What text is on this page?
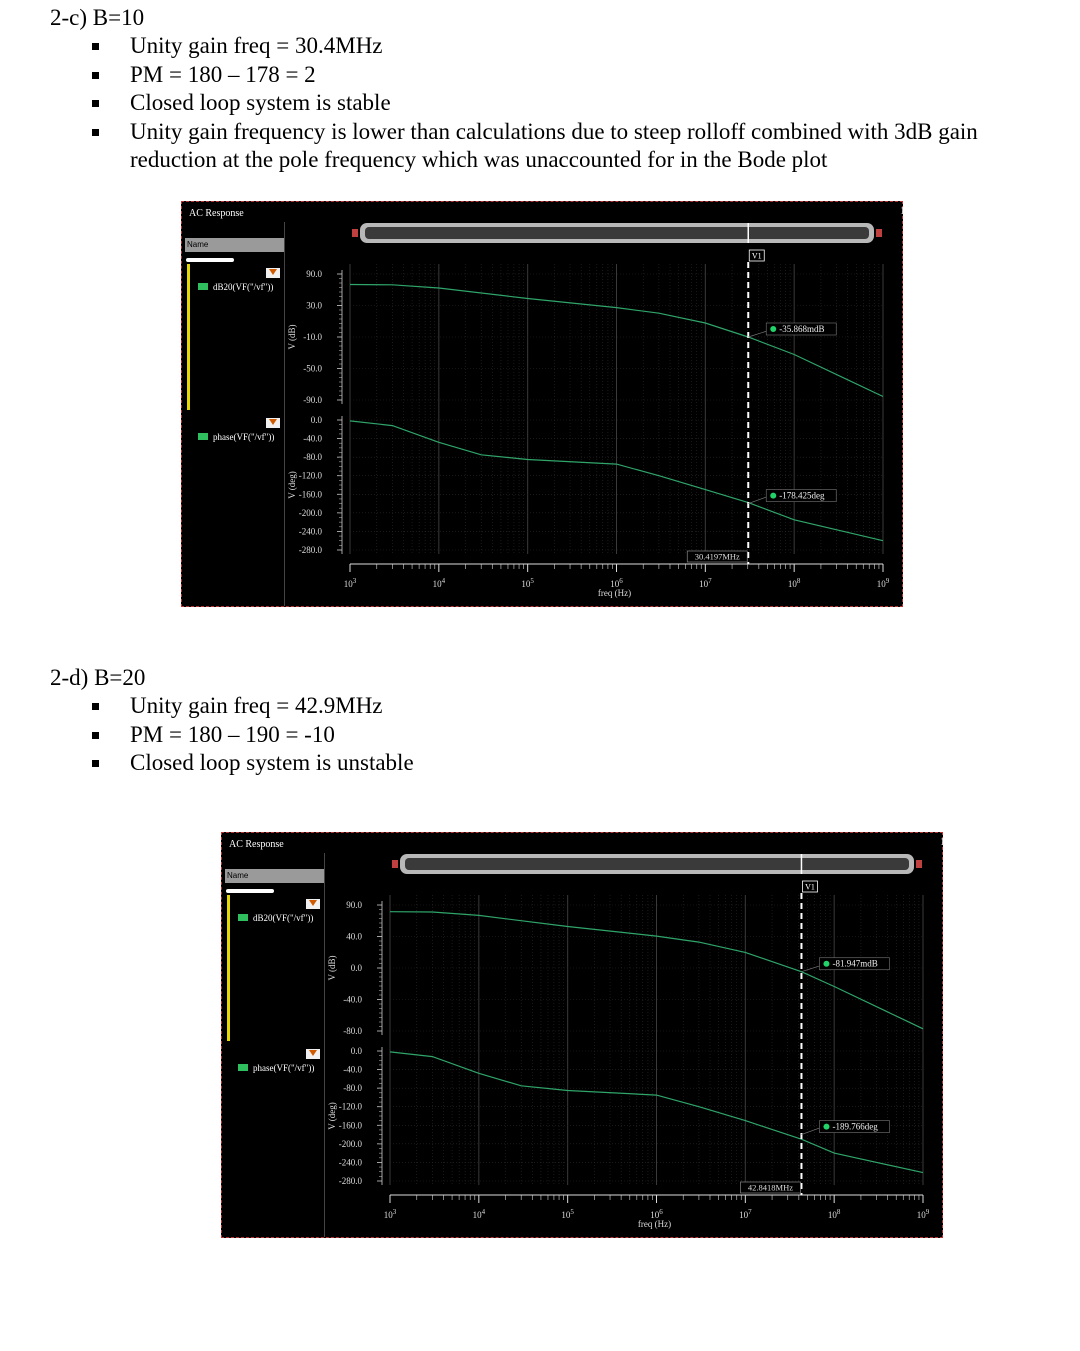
2-c) B=10

Unity gain freq = 30.4MHz
PM = 180 – 178 = 2
Closed loop system is stable
Unity gain frequency is lower than calculations due to steep rolloff combined with 3dB gain reduction at the pole frequency which was unaccounted for in the Bode plot
AC Response	1
Name
dB20(VF("/vf"))
phase(VF("/vf"))
90.0
30.0
-10.0
-50.0
-90.0
0.0
-40.0
-80.0
-120.0
-160.0
-200.0
-240.0
-280.0
V (dB)
V (deg)
$10^3$	$10^4$	$10^5$	$10^6$	$10^7$	$10^8$	$10^9$
freq (Hz)
V1
-35.868mdB
-178.425deg
30.4197MHz

2-d) B=20

Unity gain freq = 42.9MHz
PM = 180 – 190 = -10
Closed loop system is unstable
AC Response	1
Name
dB20(VF("/vf"))
phase(VF("/vf"))
90.0
40.0
0.0
-40.0
-80.0
0.0
-40.0
-80.0
-120.0
-160.0
-200.0
-240.0
-280.0
V (dB)
V (deg)
$10^3$	$10^4$	$10^5$	$10^6$	$10^7$	$10^8$	$10^9$
freq (Hz)
V1
-81.947mdB
-189.766deg
42.8418MHz
